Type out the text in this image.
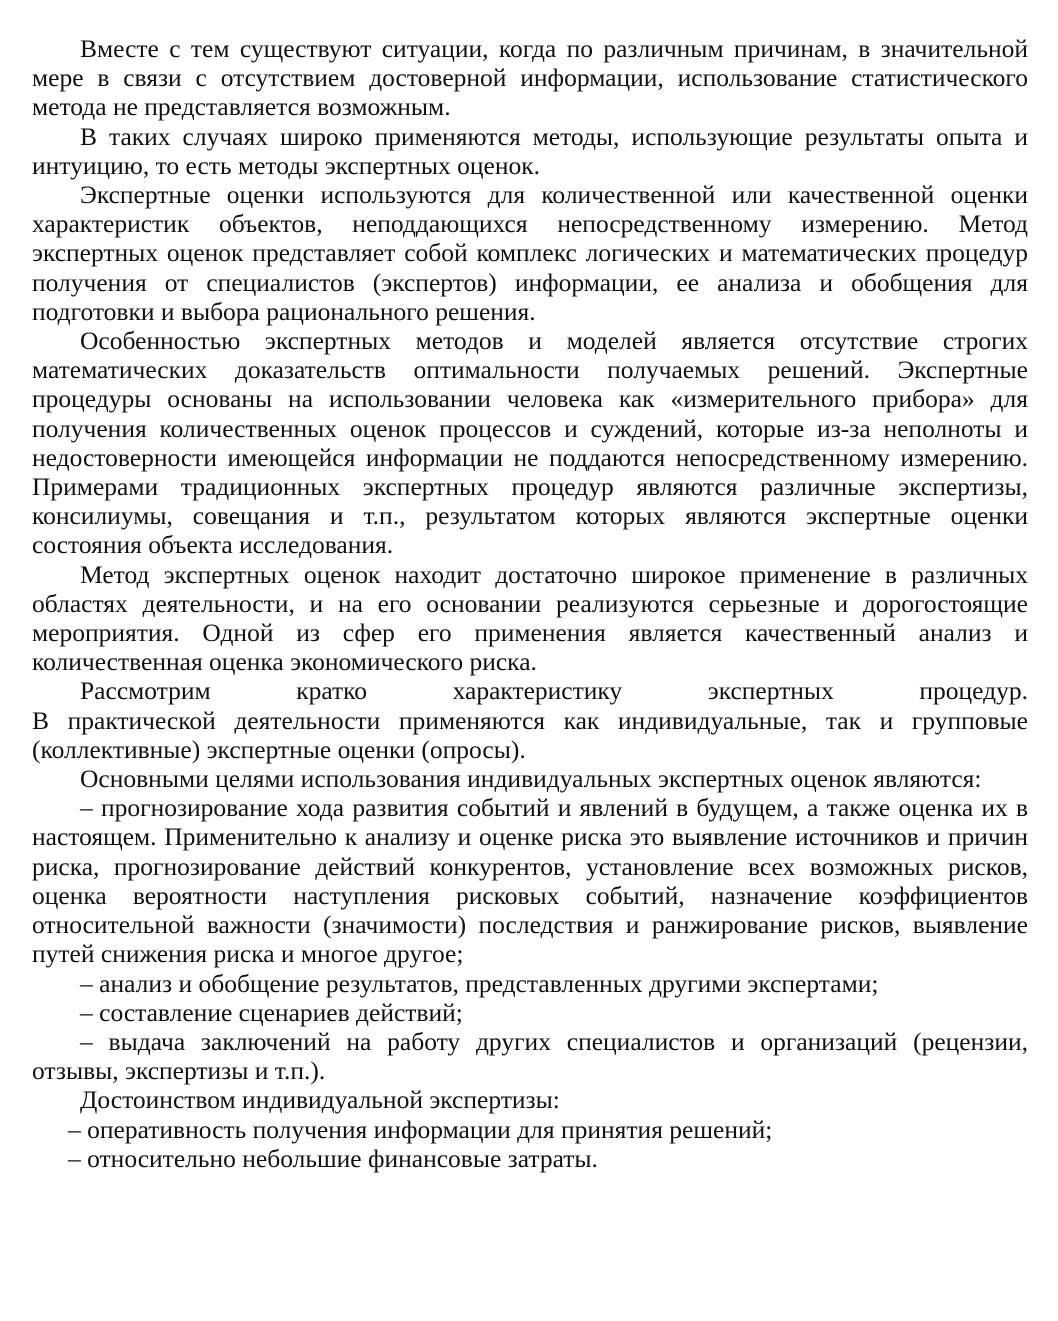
Вместе с тем существуют ситуации, когда по различным причинам, в значительной мере в связи с отсутствием достоверной информации, использование статистического метода не представляется возможным.

В таких случаях широко применяются методы, использующие результаты опыта и интуицию, то есть методы экспертных оценок.

Экспертные оценки используются для количественной или качественной оценки характеристик объектов, неподдающихся непосредственному измерению. Метод экспертных оценок представляет собой комплекс логических и математических процедур получения от специалистов (экспертов) информации, ее анализа и обобщения для подготовки и выбора рационального решения.

Особенностью экспертных методов и моделей является отсутствие строгих математических доказательств оптимальности получаемых решений. Экспертные процедуры основаны на использовании человека как «измерительного прибора» для получения количественных оценок процессов и суждений, которые из-за неполноты и недостоверности имеющейся информации не поддаются непосредственному измерению. Примерами традиционных экспертных процедур являются различные экспертизы, консилиумы, совещания и т.п., результатом которых являются экспертные оценки состояния объекта исследования.

Метод экспертных оценок находит достаточно широкое применение в различных областях деятельности, и на его основании реализуются серьезные и дорогостоящие мероприятия. Одной из сфер его применения является качественный анализ и количественная оценка экономического риска.

Рассмотрим кратко характеристику экспертных процедур.

В практической деятельности применяются как индивидуальные, так и групповые (коллективные) экспертные оценки (опросы).

Основными целями использования индивидуальных экспертных оценок являются:

– прогнозирование хода развития событий и явлений в будущем, а также оценка их в настоящем. Применительно к анализу и оценке риска это выявление источников и причин риска, прогнозирование действий конкурентов, установление всех возможных рисков, оценка вероятности наступления рисковых событий, назначение коэффициентов относительной важности (значимости) последствия и ранжирование рисков, выявление путей снижения риска и многое другое;

– анализ и обобщение результатов, представленных другими экспертами;

– составление сценариев действий;

– выдача заключений на работу других специалистов и организаций (рецензии, отзывы, экспертизы и т.п.).

Достоинством индивидуальной экспертизы:

– оперативность получения информации для принятия решений;

– относительно небольшие финансовые затраты.
